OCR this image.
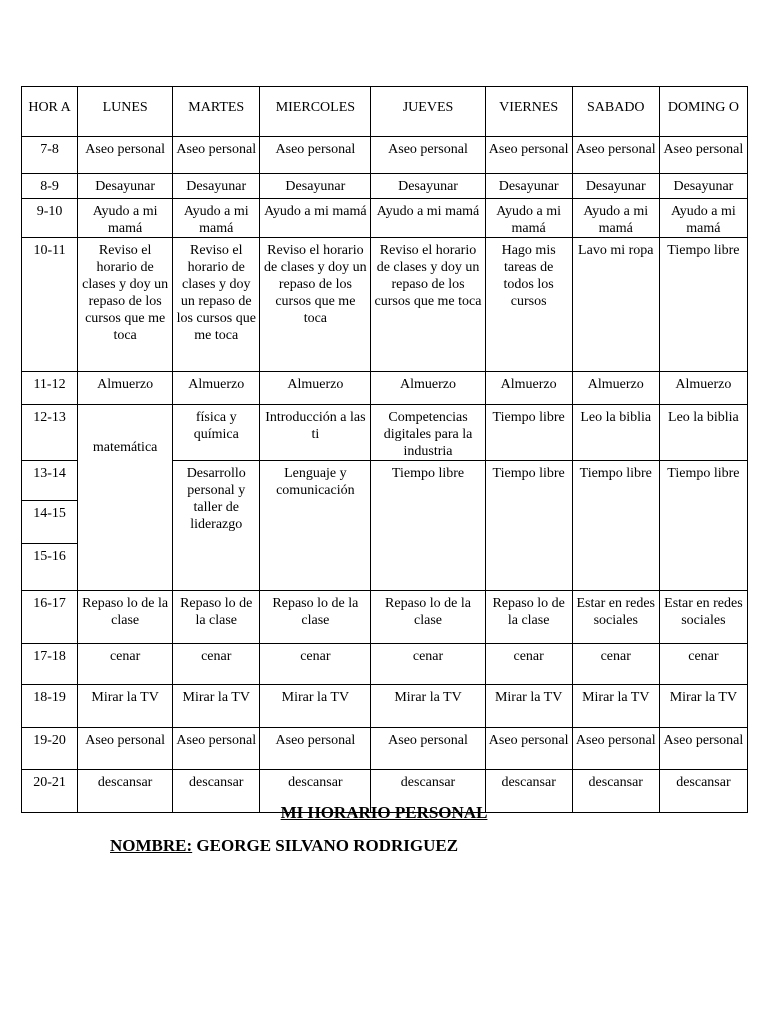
HOR A	LUNES	MARTES	MIERCOLES	JUEVES	VIERNES	SABADO	DOMING O
7-8	Aseo personal	Aseo personal	Aseo personal	Aseo personal	Aseo personal	Aseo personal	Aseo personal
8-9	Desayunar	Desayunar	Desayunar	Desayunar	Desayunar	Desayunar	Desayunar
9-10	Ayudo a mi mamá	Ayudo a mi mamá	Ayudo a mi mamá	Ayudo a mi mamá	Ayudo a mi mamá	Ayudo a mi mamá	Ayudo a mi mamá
10-11	Reviso el horario de clases y doy un repaso de los cursos que me toca	Reviso el horario de clases y doy un repaso de los cursos que me toca	Reviso el horario de clases y doy un repaso de los cursos que me toca	Reviso el horario de clases y doy un repaso de los cursos que me toca	Hago mis tareas de todos los cursos	Lavo mi ropa	Tiempo libre
11-12	Almuerzo	Almuerzo	Almuerzo	Almuerzo	Almuerzo	Almuerzo	Almuerzo
12-13	matemática	física y química	Introducción a las ti	Competencias digitales para la industria	Tiempo libre	Leo la biblia	Leo la biblia
13-14		Desarrollo personal y taller de liderazgo	Lenguaje y comunicación	Tiempo libre	Tiempo libre	Tiempo libre	Tiempo libre
14-15							
15-16							
16-17	Repaso lo de la clase	Repaso lo de la clase	Repaso lo de la clase	Repaso lo de la clase	Repaso lo de la clase	Estar en redes sociales	Estar en redes sociales
17-18	cenar	cenar	cenar	cenar	cenar	cenar	cenar
18-19	Mirar la TV	Mirar la TV	Mirar la TV	Mirar la TV	Mirar la TV	Mirar la TV	Mirar la TV
19-20	Aseo personal	Aseo personal	Aseo personal	Aseo personal	Aseo personal	Aseo personal	Aseo personal
20-21	descansar	descansar	descansar	descansar	descansar	descansar	descansar
MI HORARIO PERSONAL
NOMBRE: GEORGE SILVANO RODRIGUEZ
